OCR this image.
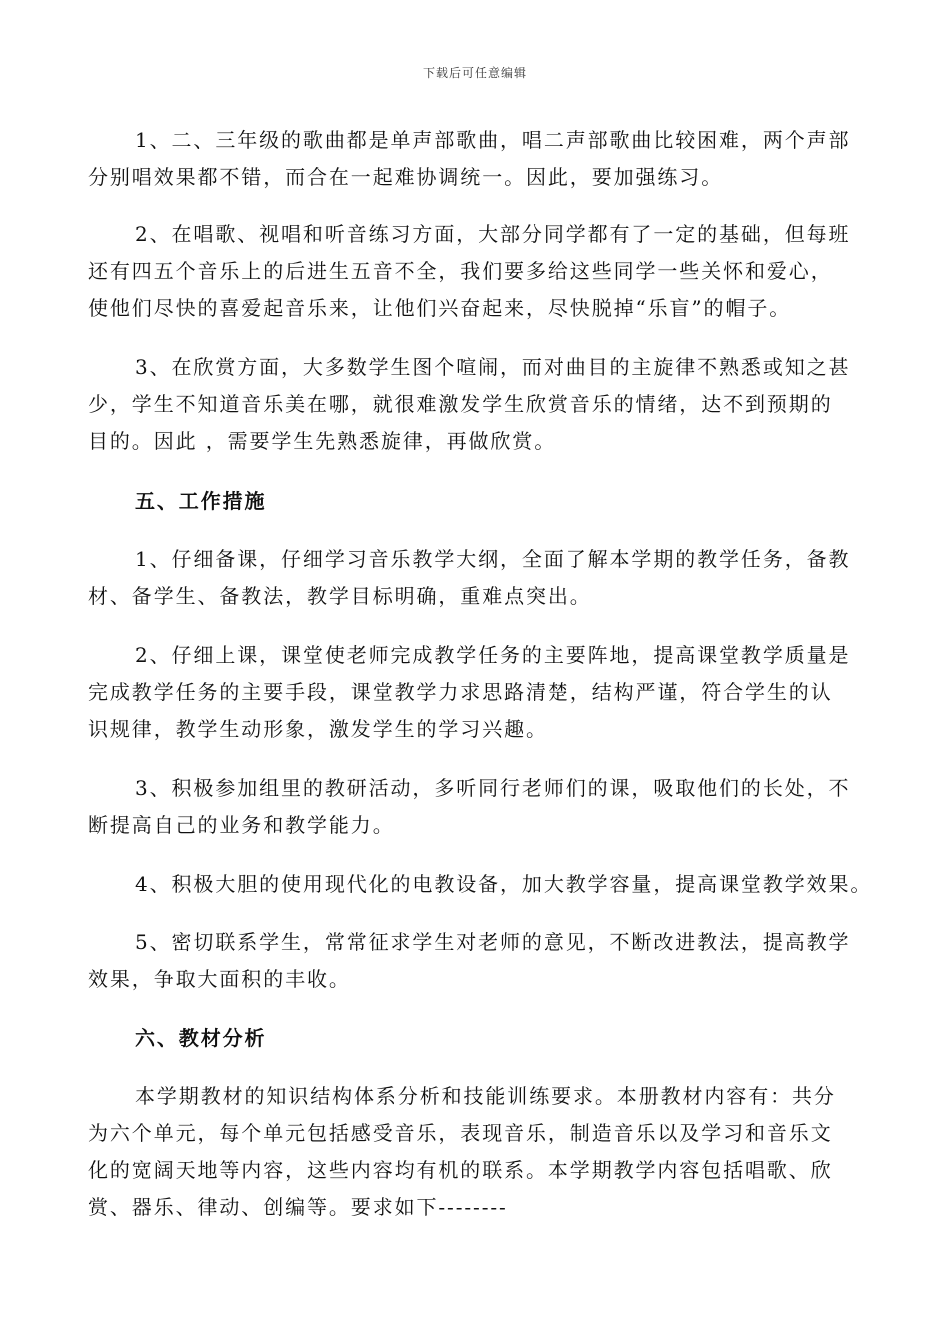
下载后可任意编辑
1、二、三年级的歌曲都是单声部歌曲，唱二声部歌曲比较困难，两个声部
分别唱效果都不错，而合在一起难协调统一。因此，要加强练习。
2、在唱歌、视唱和听音练习方面，大部分同学都有了一定的基础，但每班
还有四五个音乐上的后进生五音不全，我们要多给这些同学一些关怀和爱心，
使他们尽快的喜爱起音乐来，让他们兴奋起来，尽快脱掉“乐盲”的帽子。
3、在欣赏方面，大多数学生图个喧闹，而对曲目的主旋律不熟悉或知之甚
少，学生不知道音乐美在哪，就很难激发学生欣赏音乐的情绪，达不到预期的
目的。因此 ，需要学生先熟悉旋律，再做欣赏。
五、工作措施
1、仔细备课，仔细学习音乐教学大纲，全面了解本学期的教学任务，备教
材、备学生、备教法，教学目标明确，重难点突出。
2、仔细上课，课堂使老师完成教学任务的主要阵地，提高课堂教学质量是
完成教学任务的主要手段，课堂教学力求思路清楚，结构严谨，符合学生的认
识规律，教学生动形象，激发学生的学习兴趣。
3、积极参加组里的教研活动，多听同行老师们的课，吸取他们的长处，不
断提高自己的业务和教学能力。
4、积极大胆的使用现代化的电教设备，加大教学容量，提高课堂教学效果。
5、密切联系学生，常常征求学生对老师的意见，不断改进教法，提高教学
效果，争取大面积的丰收。
六、教材分析
本学期教材的知识结构体系分析和技能训练要求。本册教材内容有：共分
为六个单元，每个单元包括感受音乐，表现音乐，制造音乐以及学习和音乐文
化的宽阔天地等内容，这些内容均有机的联系。本学期教学内容包括唱歌、欣
赏、器乐、律动、创编等。要求如下--------
